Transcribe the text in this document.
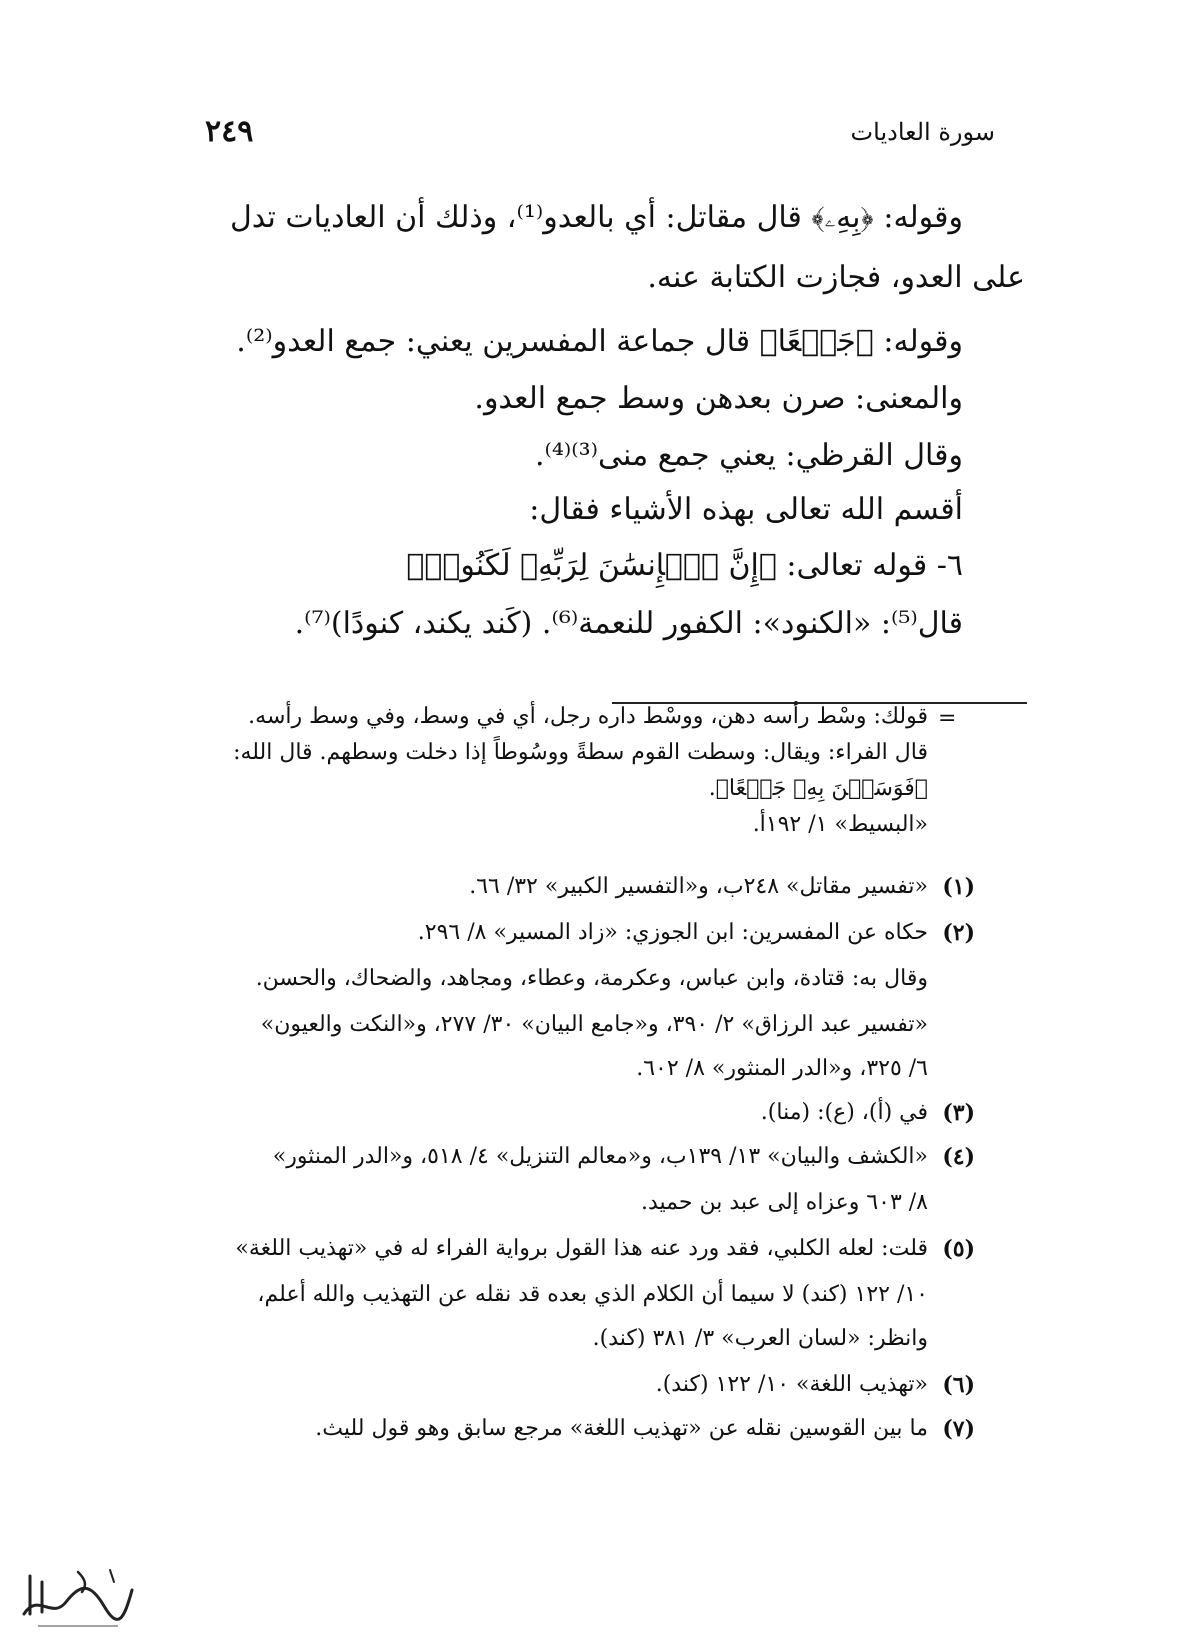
سورة العاديات
٢٤٩
وقوله: ﴿بِهِۦ﴾ قال مقاتل: أي بالعدو⁽¹⁾، وذلك أن العاديات تدل
على العدو، فجازت الكتابة عنه.
وقوله: ﴿جَمۡعًا﴾ قال جماعة المفسرين يعني: جمع العدو⁽²⁾.
والمعنى: صرن بعدهن وسط جمع العدو.
وقال القرظي: يعني جمع منى⁽³⁾⁽⁴⁾.
أقسم الله تعالى بهذه الأشياء فقال:
٦- قوله تعالى: ﴿إِنَّ ٱلۡإِنسَٰنَ لِرَبِّهِۦ لَكَنُودٞ﴾
قال⁽⁵⁾: «الكنود»: الكفور للنعمة⁽⁶⁾. (كَند يكند، كنودًا)⁽⁷⁾.
=
قولك: وسْط رأسه دهن، ووسْط داره رجل، أي في وسط، وفي وسط رأسه.
قال الفراء: ويقال: وسطت القوم سطةً ووسُوطاً إذا دخلت وسطهم. قال الله:
﴿فَوَسَطۡنَ بِهِۦ جَمۡعًا﴾.
«البسيط» ١/ ١٩٢أ.
(١)
«تفسير مقاتل» ٢٤٨ب، و«التفسير الكبير» ٣٢/ ٦٦.
(٢)
حكاه عن المفسرين: ابن الجوزي: «زاد المسير» ٨/ ٢٩٦.
وقال به: قتادة، وابن عباس، وعكرمة، وعطاء، ومجاهد، والضحاك، والحسن.
«تفسير عبد الرزاق» ٢/ ٣٩٠، و«جامع البيان» ٣٠/ ٢٧٧، و«النكت والعيون»
٦/ ٣٢٥، و«الدر المنثور» ٨/ ٦٠٢.
(٣)
في (أ)، (ع): (منا).
(٤)
«الكشف والبيان» ١٣/ ١٣٩ب، و«معالم التنزيل» ٤/ ٥١٨، و«الدر المنثور»
٨/ ٦٠٣ وعزاه إلى عبد بن حميد.
(٥)
قلت: لعله الكلبي، فقد ورد عنه هذا القول برواية الفراء له في «تهذيب اللغة»
١٠/ ١٢٢ (كند) لا سيما أن الكلام الذي بعده قد نقله عن التهذيب والله أعلم،
وانظر: «لسان العرب» ٣/ ٣٨١ (كند).
(٦)
«تهذيب اللغة» ١٠/ ١٢٢ (كند).
(٧)
ما بين القوسين نقله عن «تهذيب اللغة» مرجع سابق وهو قول لليث.
